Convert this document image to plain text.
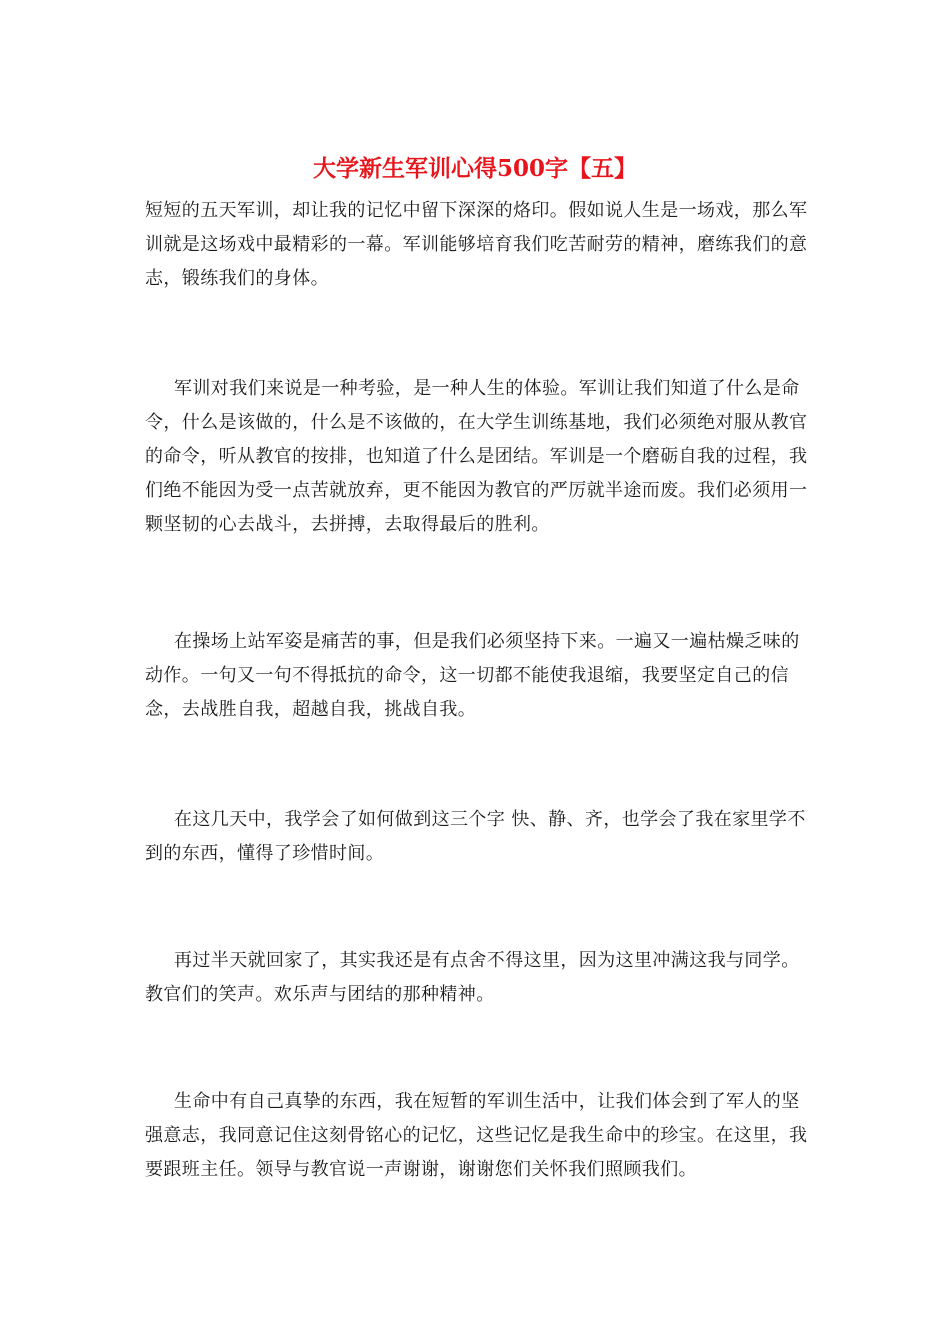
大学新生军训心得500字【五】

短短的五天军训，却让我的记忆中留下深深的烙印。假如说人生是一场戏，那么军训就是这场戏中最精彩的一幕。军训能够培育我们吃苦耐劳的精神，磨练我们的意志，锻练我们的身体。

军训对我们来说是一种考验，是一种人生的体验。军训让我们知道了什么是命令，什么是该做的，什么是不该做的，在大学生训练基地，我们必须绝对服从教官的命令，听从教官的按排，也知道了什么是团结。军训是一个磨砺自我的过程，我们绝不能因为受一点苦就放弃，更不能因为教官的严厉就半途而废。我们必须用一颗坚韧的心去战斗，去拼搏，去取得最后的胜利。

在操场上站军姿是痛苦的事，但是我们必须坚持下来。一遍又一遍枯燥乏味的动作。一句又一句不得抵抗的命令，这一切都不能使我退缩，我要坚定自己的信念，去战胜自我，超越自我，挑战自我。

在这几天中，我学会了如何做到这三个字 快、静、齐，也学会了我在家里学不到的东西，懂得了珍惜时间。

再过半天就回家了，其实我还是有点舍不得这里，因为这里冲满这我与同学。教官们的笑声。欢乐声与团结的那种精神。

生命中有自己真挚的东西，我在短暂的军训生活中，让我们体会到了军人的坚强意志，我同意记住这刻骨铭心的记忆，这些记忆是我生命中的珍宝。在这里，我要跟班主任。领导与教官说一声谢谢，谢谢您们关怀我们照顾我们。
